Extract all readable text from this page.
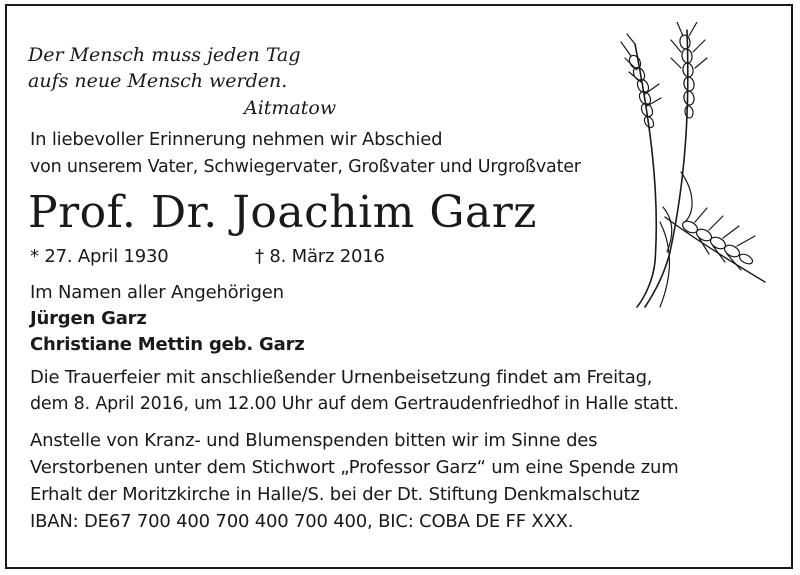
Der Mensch muss jeden Tag
aufs neue Mensch werden.
Aitmatow
In liebevoller Erinnerung nehmen wir Abschied
von unserem Vater, Schwiegervater, Großvater und Urgroßvater
Prof. Dr. Joachim Garz
* 27. April 1930	† 8. März 2016
Im Namen aller Angehörigen
Jürgen Garz
Christiane Mettin geb. Garz
Die Trauerfeier mit anschließender Urnenbeisetzung findet am Freitag,
dem 8. April 2016, um 12.00 Uhr auf dem Gertraudenfriedhof in Halle statt.
Anstelle von Kranz- und Blumenspenden bitten wir im Sinne des
Verstorbenen unter dem Stichwort „Professor Garz“ um eine Spende zum
Erhalt der Moritzkirche in Halle/S. bei der Dt. Stiftung Denkmalschutz
IBAN: DE67 700 400 700 400 700 400, BIC: COBA DE FF XXX.
